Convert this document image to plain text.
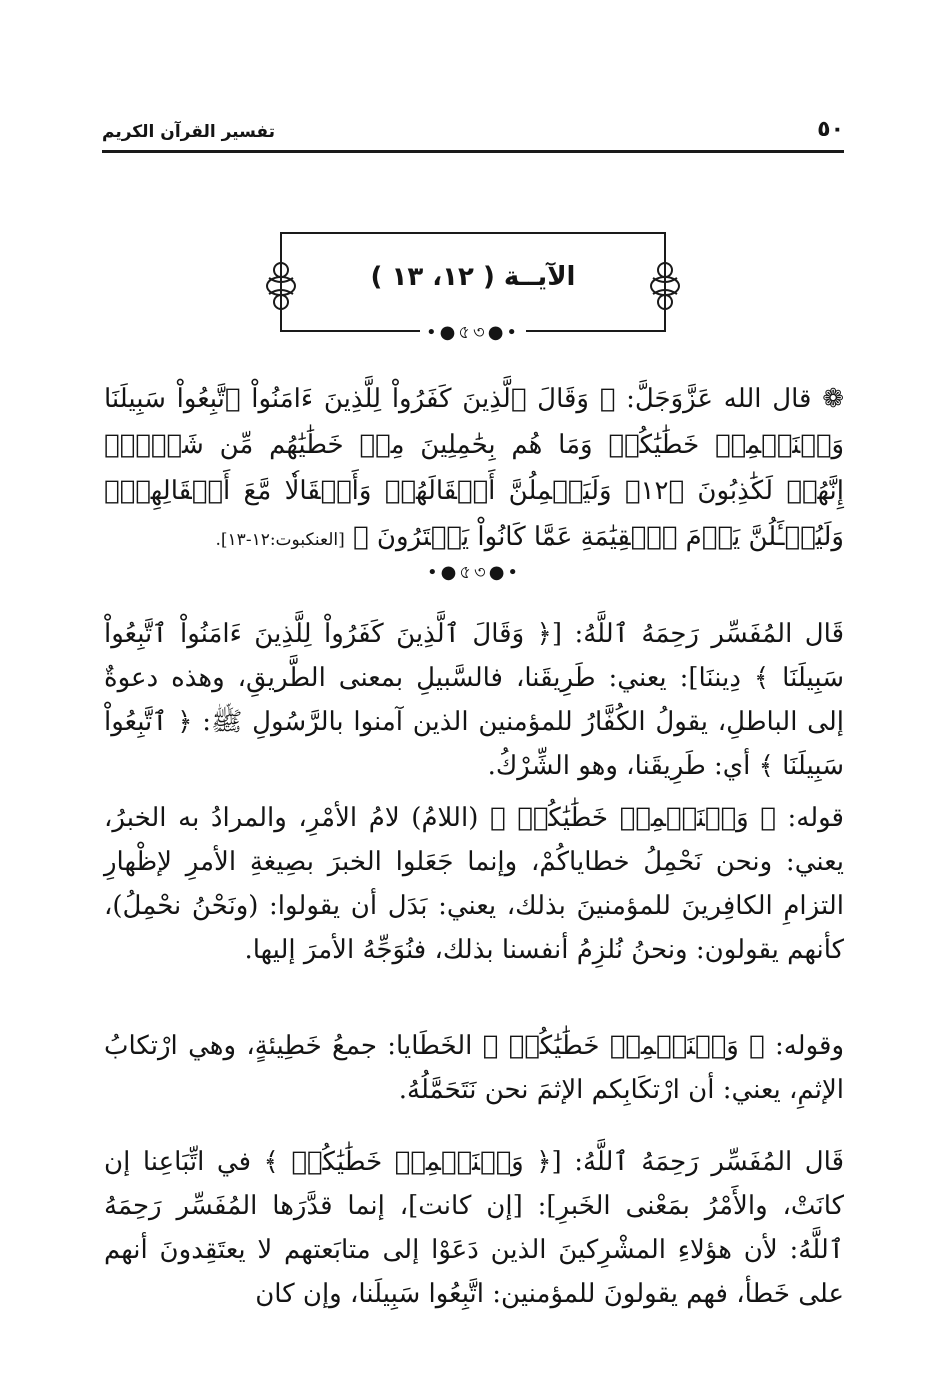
٥٠
تفسير القرآن الكريم
الآيــة ( ١٢، ١٣ )
•●৫৩●•
❁ قال الله عَزَّوَجَلَّ: ﴿ وَقَالَ ٱلَّذِينَ كَفَرُواْ لِلَّذِينَ ءَامَنُواْ ٱتَّبِعُواْ سَبِيلَنَا وَلۡنَحۡمِلۡ خَطَٰيَٰكُمۡ وَمَا هُم بِحَٰمِلِينَ مِنۡ خَطَٰيَٰهُم مِّن شَيۡءٍۖ إِنَّهُمۡ لَكَٰذِبُونَ ﴿١٢﴾ وَلَيَحۡمِلُنَّ أَثۡقَالَهُمۡ وَأَثۡقَالٗا مَّعَ أَثۡقَالِهِمۡۖ وَلَيُسۡـَٔلُنَّ يَوۡمَ ٱلۡقِيَٰمَةِ عَمَّا كَانُواْ يَفۡتَرُونَ ﴾ [العنكبوت:١٢-١٣].
•●৫৩●•
قَال المُفَسِّر رَحِمَهُ ٱللَّهُ: [﴿ وَقَالَ ٱلَّذِينَ كَفَرُواْ لِلَّذِينَ ءَامَنُواْ ٱتَّبِعُواْ سَبِيلَنَا ﴾ دِيننَا]: يعني: طَرِيقَنا، فالسَّبيلِ بمعنى الطَّريقِ، وهذه دعوةٌ إلى الباطلِ، يقولُ الكُفَّارُ للمؤمنين الذين آمنوا بالرَّسُولِ ﷺ: ﴿ ٱتَّبِعُواْ سَبِيلَنَا ﴾ أي: طَرِيقَنا، وهو الشِّرْكُ.
قوله: ﴿ وَلۡنَحۡمِلۡ خَطَٰيَٰكُمۡ ﴾ (اللامُ) لامُ الأمْرِ، والمرادُ به الخبرُ، يعني: ونحن نَحْمِلُ خطاياكُمْ، وإنما جَعَلوا الخبرَ بصِيغةِ الأمرِ لإظْهارِ التزامِ الكافِرينَ للمؤمنينَ بذلك، يعني: بَدَل أن يقولوا: (ونَحْنُ نحْمِلُ)، كأنهم يقولون: ونحنُ نُلزِمُ أنفسنا بذلك، فنُوَجِّهُ الأمرَ إليها.
وقوله: ﴿ وَلۡنَحۡمِلۡ خَطَٰيَٰكُمۡ ﴾ الخَطَايا: جمعُ خَطِيئةٍ، وهي ارْتكابُ الإثمِ، يعني: أن ارْتكَابِكم الإثمَ نحن نَتَحَمَّلُهُ.
قَال المُفَسِّر رَحِمَهُ ٱللَّهُ: [﴿ وَلۡنَحۡمِلۡ خَطَٰيَٰكُمۡ ﴾ في اتِّبَاعِنا إن كانَتْ، والأَمْرُ بمَعْنى الخَبرِ]: [إن كانت]، إنما قدَّرَها المُفَسِّر رَحِمَهُ ٱللَّهُ: لأن هؤلاءِ المشْرِكينَ الذين دَعَوْا إلى متابَعتهم لا يعتَقِدونَ أنهم على خَطأ، فهم يقولونَ للمؤمنين: اتَّبِعُوا سَبِيلَنا، وإن كان
